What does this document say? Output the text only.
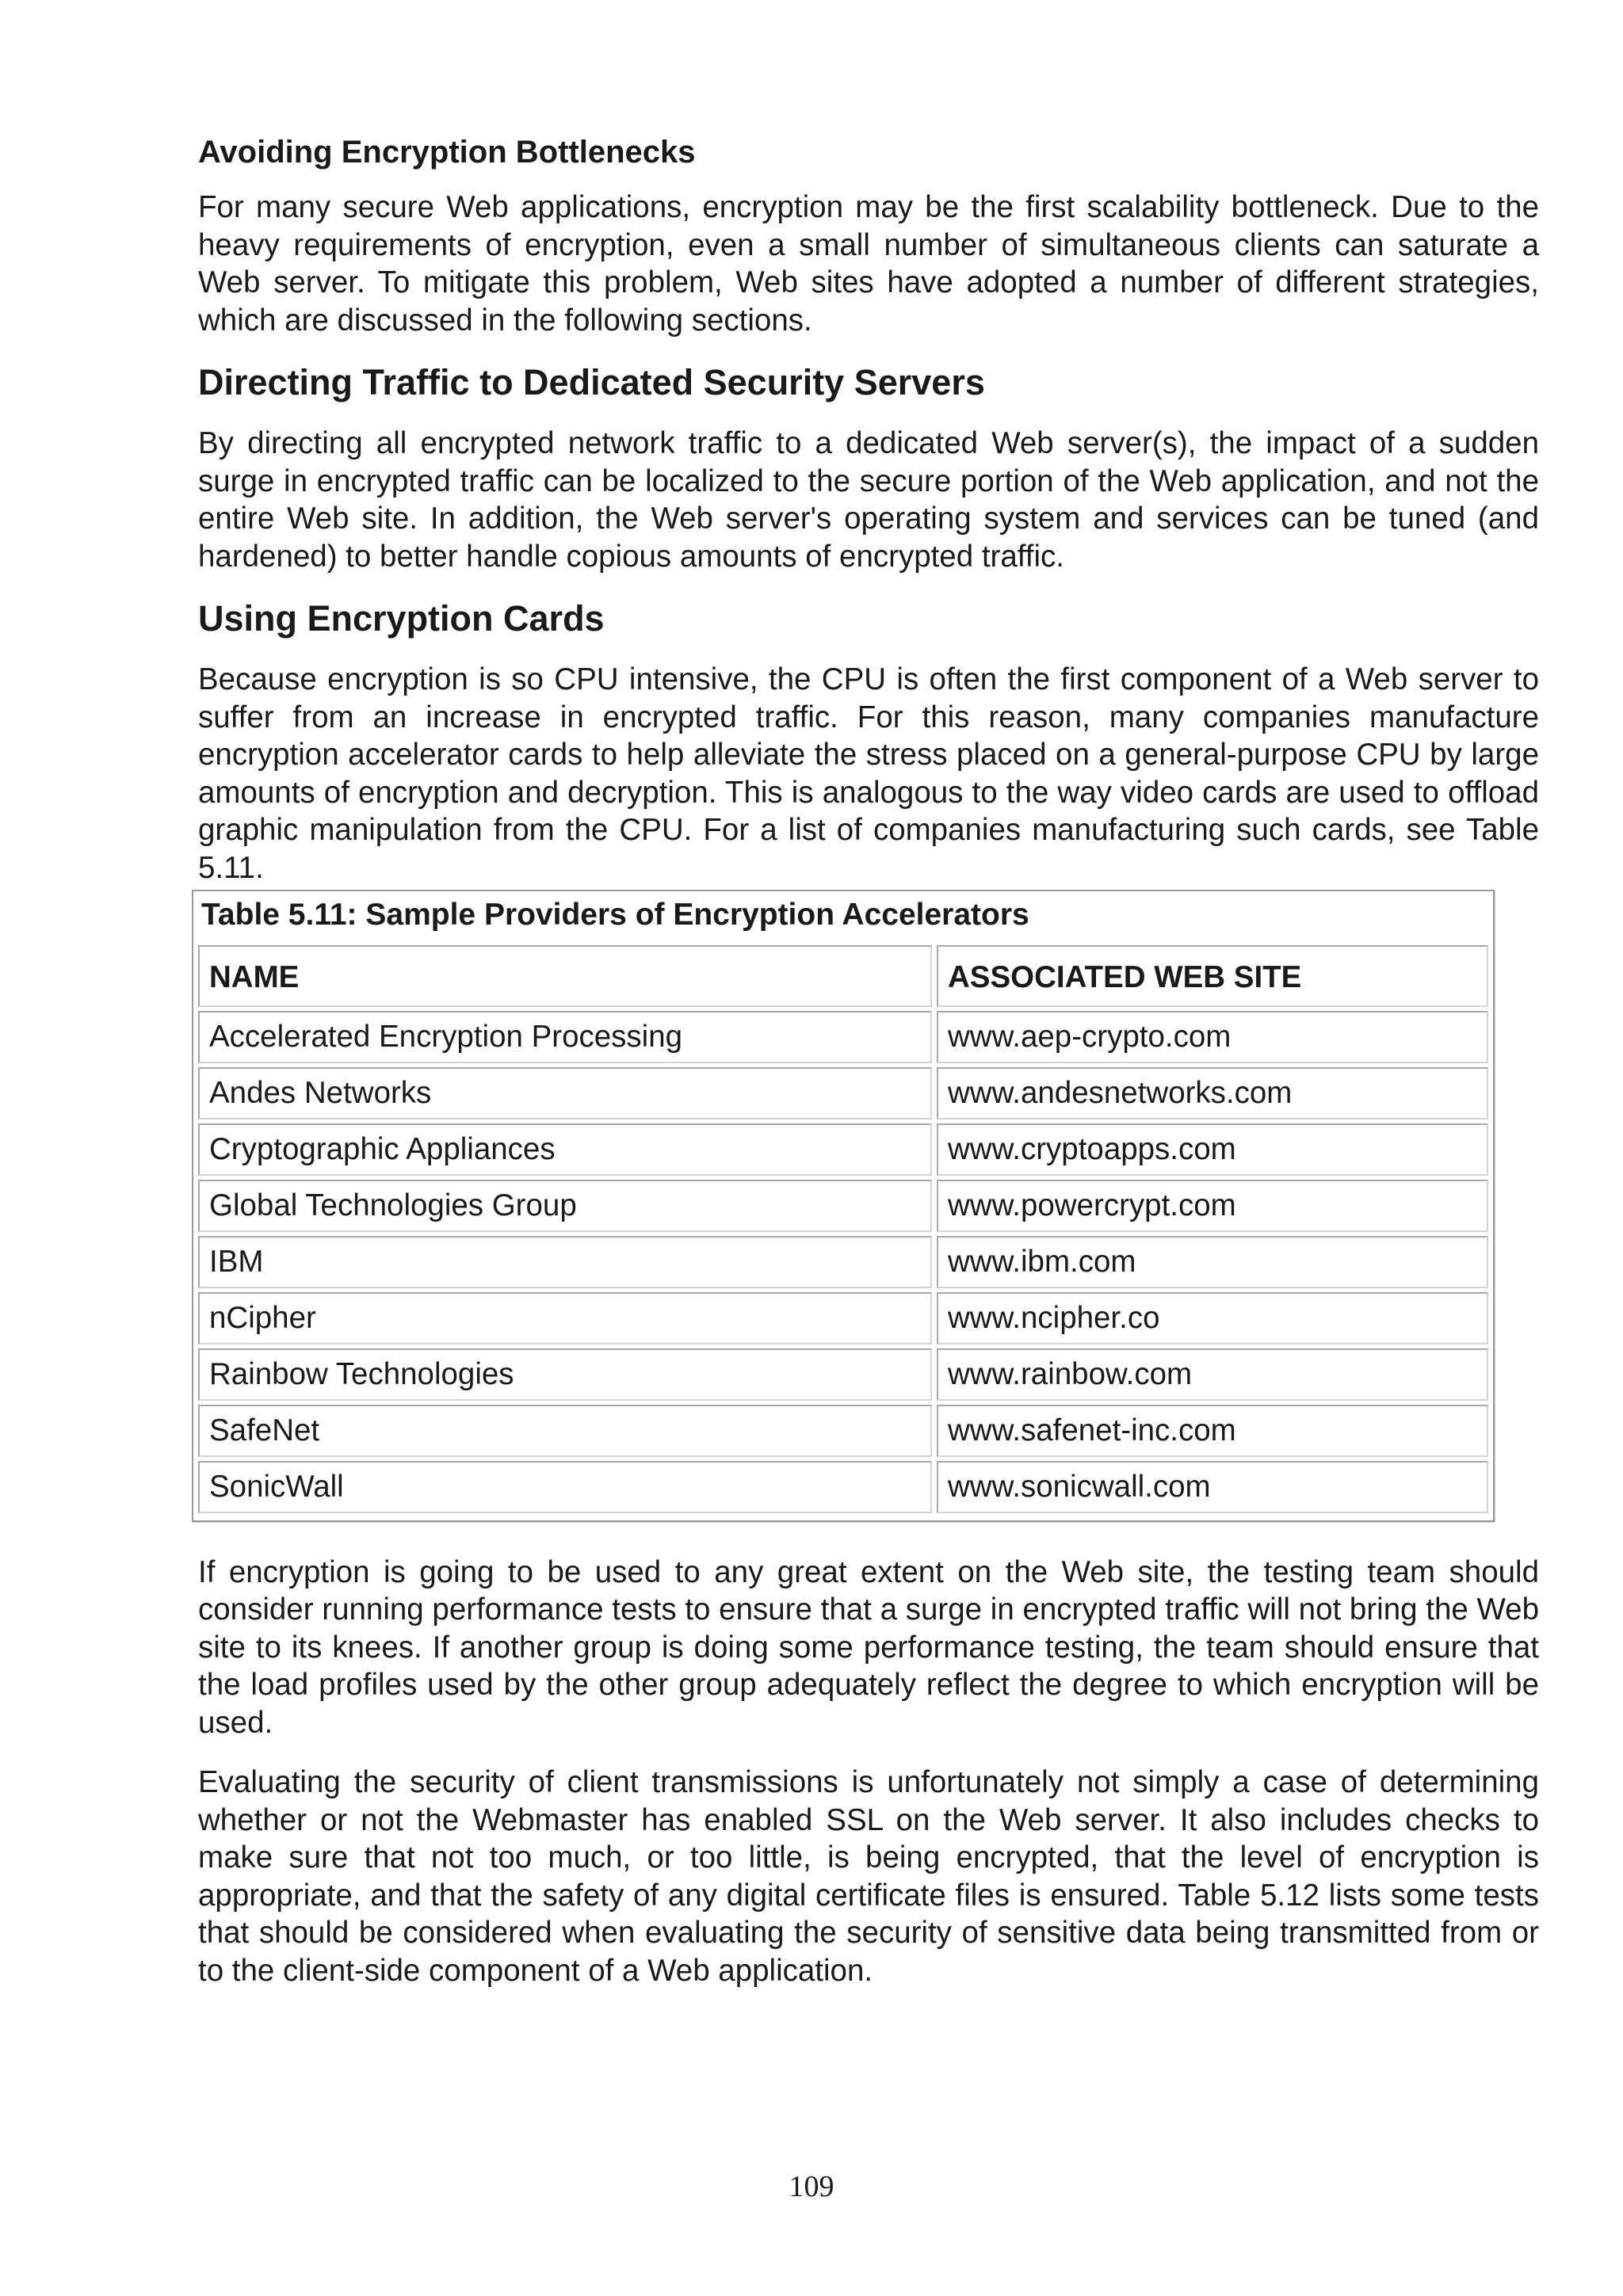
Avoiding Encryption Bottlenecks

For many secure Web applications, encryption may be the first scalability bottleneck. Due to the heavy requirements of encryption, even a small number of simultaneous clients can saturate a Web server. To mitigate this problem, Web sites have adopted a number of different strategies, which are discussed in the following sections.

Directing Traffic to Dedicated Security Servers

By directing all encrypted network traffic to a dedicated Web server(s), the impact of a sudden surge in encrypted traffic can be localized to the secure portion of the Web application, and not the entire Web site. In addition, the Web server's operating system and services can be tuned (and hardened) to better handle copious amounts of encrypted traffic.

Using Encryption Cards

Because encryption is so CPU intensive, the CPU is often the first component of a Web server to suffer from an increase in encrypted traffic. For this reason, many companies manufacture encryption accelerator cards to help alleviate the stress placed on a general-purpose CPU by large amounts of encryption and decryption. This is analogous to the way video cards are used to offload graphic manipulation from the CPU. For a list of companies manufacturing such cards, see Table 5.11.

Table 5.11: Sample Providers of Encryption Accelerators
NAME	ASSOCIATED WEB SITE
Accelerated Encryption Processing	www.aep-crypto.com
Andes Networks	www.andesnetworks.com
Cryptographic Appliances	www.cryptoapps.com
Global Technologies Group	www.powercrypt.com
IBM	www.ibm.com
nCipher	www.ncipher.co
Rainbow Technologies	www.rainbow.com
SafeNet	www.safenet-inc.com
SonicWall	www.sonicwall.com

If encryption is going to be used to any great extent on the Web site, the testing team should consider running performance tests to ensure that a surge in encrypted traffic will not bring the Web site to its knees. If another group is doing some performance testing, the team should ensure that the load profiles used by the other group adequately reflect the degree to which encryption will be used.

Evaluating the security of client transmissions is unfortunately not simply a case of determining whether or not the Webmaster has enabled SSL on the Web server. It also includes checks to make sure that not too much, or too little, is being encrypted, that the level of encryption is appropriate, and that the safety of any digital certificate files is ensured. Table 5.12 lists some tests that should be considered when evaluating the security of sensitive data being transmitted from or to the client-side component of a Web application.

109
